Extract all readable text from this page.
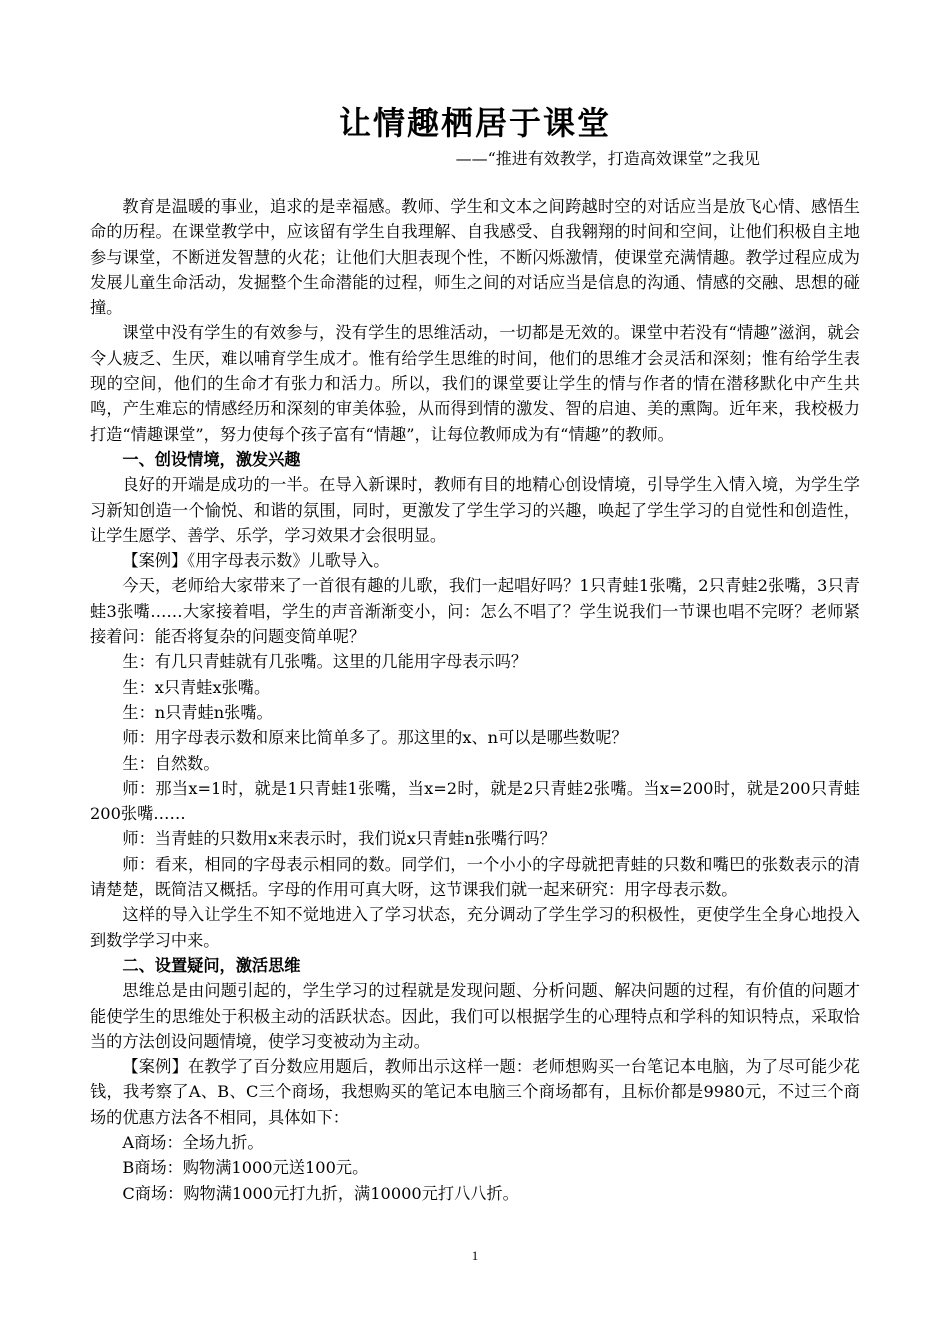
让情趣栖居于课堂
——“推进有效教学，打造高效课堂”之我见

教育是温暖的事业，追求的是幸福感。教师、学生和文本之间跨越时空的对话应当是放飞心情、感悟生命的历程。在课堂教学中，应该留有学生自我理解、自我感受、自我翱翔的时间和空间，让他们积极自主地参与课堂，不断迸发智慧的火花；让他们大胆表现个性，不断闪烁激情，使课堂充满情趣。教学过程应成为发展儿童生命活动，发掘整个生命潜能的过程，师生之间的对话应当是信息的沟通、情感的交融、思想的碰撞。

课堂中没有学生的有效参与，没有学生的思维活动，一切都是无效的。课堂中若没有“情趣”滋润，就会令人疲乏、生厌，难以哺育学生成才。惟有给学生思维的时间，他们的思维才会灵活和深刻；惟有给学生表现的空间，他们的生命才有张力和活力。所以，我们的课堂要让学生的情与作者的情在潜移默化中产生共鸣，产生难忘的情感经历和深刻的审美体验，从而得到情的激发、智的启迪、美的熏陶。近年来，我校极力打造“情趣课堂”，努力使每个孩子富有“情趣”，让每位教师成为有“情趣”的教师。

一、创设情境，激发兴趣

良好的开端是成功的一半。在导入新课时，教师有目的地精心创设情境，引导学生入情入境，为学生学习新知创造一个愉悦、和谐的氛围，同时，更激发了学生学习的兴趣，唤起了学生学习的自觉性和创造性，让学生愿学、善学、乐学，学习效果才会很明显。

【案例】《用字母表示数》儿歌导入。

今天，老师给大家带来了一首很有趣的儿歌，我们一起唱好吗？1只青蛙1张嘴，2只青蛙2张嘴，3只青蛙3张嘴……大家接着唱，学生的声音渐渐变小，问：怎么不唱了？学生说我们一节课也唱不完呀？老师紧接着问：能否将复杂的问题变简单呢？

生：有几只青蛙就有几张嘴。这里的几能用字母表示吗？

生：x只青蛙x张嘴。

生：n只青蛙n张嘴。

师：用字母表示数和原来比简单多了。那这里的x、n可以是哪些数呢？

生：自然数。

师：那当x=1时，就是1只青蛙1张嘴，当x=2时，就是2只青蛙2张嘴。当x=200时，就是200只青蛙200张嘴……

师：当青蛙的只数用x来表示时，我们说x只青蛙n张嘴行吗？

师：看来，相同的字母表示相同的数。同学们，一个小小的字母就把青蛙的只数和嘴巴的张数表示的清请楚楚，既简洁又概括。字母的作用可真大呀，这节课我们就一起来研究：用字母表示数。

这样的导入让学生不知不觉地进入了学习状态，充分调动了学生学习的积极性，更使学生全身心地投入到数学学习中来。

二、设置疑问，激活思维

思维总是由问题引起的，学生学习的过程就是发现问题、分析问题、解决问题的过程，有价值的问题才能使学生的思维处于积极主动的活跃状态。因此，我们可以根据学生的心理特点和学科的知识特点，采取恰当的方法创设问题情境，使学习变被动为主动。

【案例】在教学了百分数应用题后，教师出示这样一题：老师想购买一台笔记本电脑，为了尽可能少花钱，我考察了A、B、C三个商场，我想购买的笔记本电脑三个商场都有，且标价都是9980元，不过三个商场的优惠方法各不相同，具体如下：

A商场：全场九折。

B商场：购物满1000元送100元。

C商场：购物满1000元打九折，满10000元打八八折。

1
